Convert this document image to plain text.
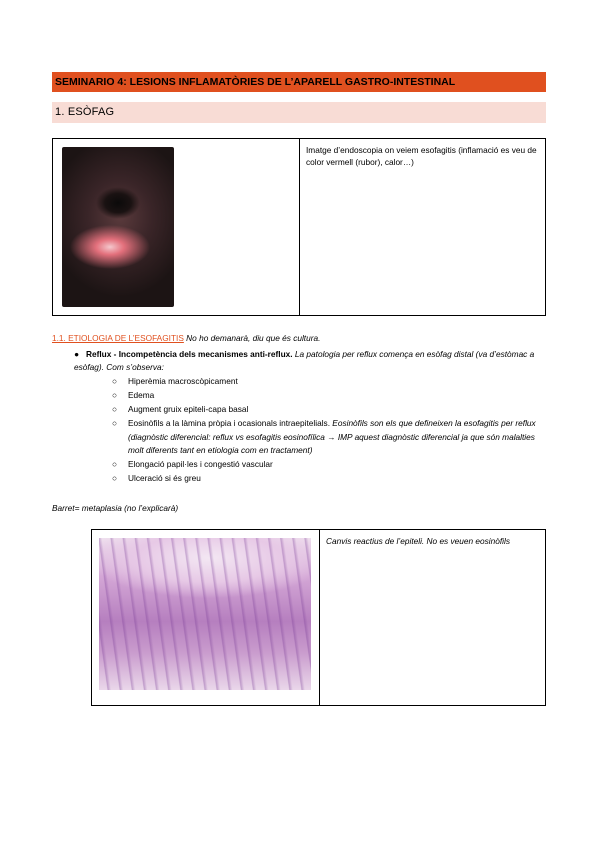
SEMINARIO 4: LESIONS INFLAMATÒRIES DE L’APARELL GASTRO-INTESTINAL
1. ESÒFAG
	Imatge d’endoscopia on veiem esofagitis (inflamació es veu de color vermell (rubor), calor…)
1.1. ETIOLOGIA DE L’ESOFAGITIS No ho demanarà, diu que és cultura.
● Reflux - Incompetència dels mecanismes anti-reflux. La patologia per reflux comença en esòfag distal (va d’estòmac a esòfag). Com s’observa:
○ Hiperèmia macroscòpicament
○ Edema
○ Augment gruix epiteli-capa basal
○ Eosinòfils a la làmina pròpia i ocasionals intraepitelials. Eosinòfils son els que defineixen la esofagitis per reflux (diagnòstic diferencial: reflux vs esofagitis eosinofílica → IMP aquest diagnòstic diferencial ja que són malalties molt diferents tant en etiologia com en tractament)
○ Elongació papil·les i congestió vascular
○ Ulceració si és greu
Barret= metaplasia (no l’explicarà)
	Canvis reactius de l’epiteli. No es veuen eosinòfils
